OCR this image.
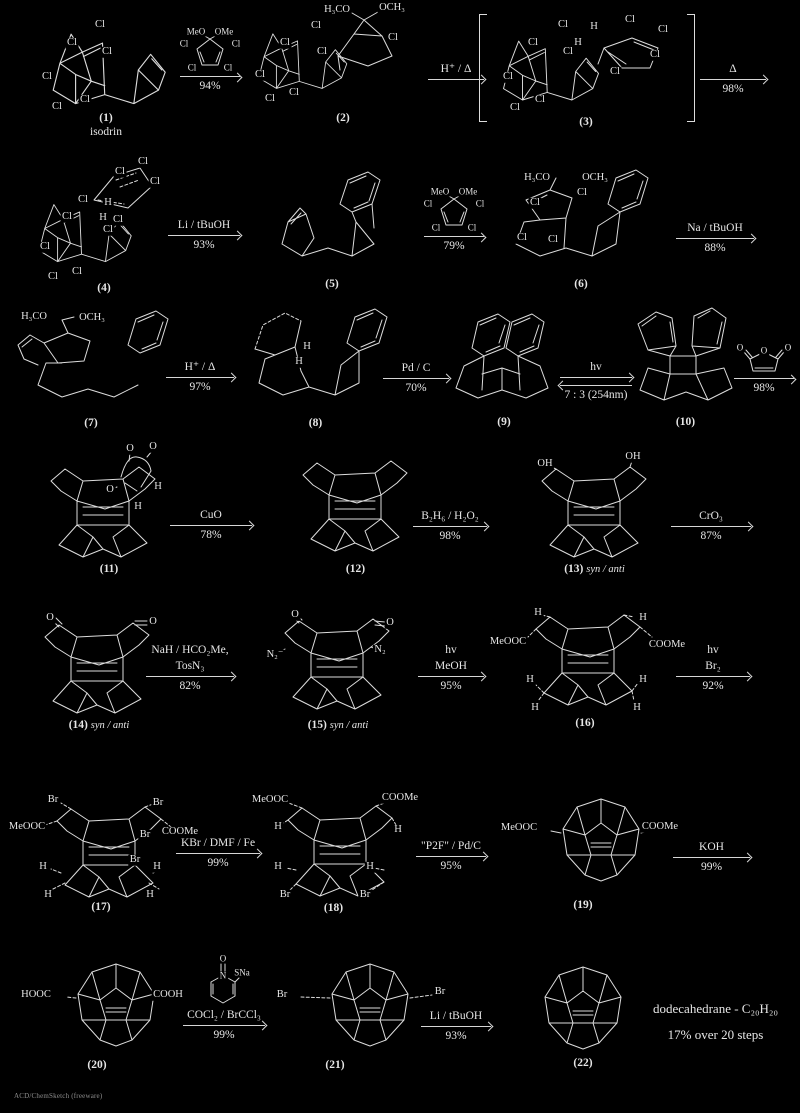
(1)
isodrin
Cl
Cl
Cl
Cl
Cl
Cl
MeO OMe
Cl	Cl
Cl	Cl
94%
(2)
H₃CO	OCH₃
Cl
Cl
Cl
Cl
Cl
Cl
Cl
H⁺ / Δ
(3)
Cl H
Cl
Cl
Cl	H
Cl	Cl
Cl	Cl
Cl
Cl
Δ
98%
(4)
Cl
Cl
Cl
Cl H
Cl	H Cl
Cl
Cl
Cl Cl
Li / tBuOH
93%
(5)
MeO OMe
Cl	Cl
Cl	Cl
79%
(6)
H₃CO	OCH₃
Cl
Cl
Cl Cl
Na / tBuOH
88%
(7)
H₃CO	OCH₃
H⁺ / Δ
97%
(8)
H
H
Pd / C
70%
(9)
hv
7 : 3 (254nm)
(10)
O O O
98%
(11)
O O
O	H
H
CuO
78%
(12)
B₂H₆ / H₂O₂
98%
(13) syn / anti
OH
OH
CrO₃
87%
(14) syn / anti
O	O
NaH / HCO₂Me,
TosN₃
82%
(15) syn / anti
O
O
N₂⁻	N₂	hv
MeOH
95%
(16)
H
MeOOC
H
COOMe
H
H
H
H
hv
Br₂
92%
(17)
Br
MeOOC
Br
Br COOMe
Br
H	H
H	H
KBr / DMF / Fe
99%
(18)
MeOOC
H
COOMe
H
H	H
Br	Br
"P2F" / Pd/C
95%
(19)
MeOOC	COOMe
KOH
99%
(20)
HOOC	COOH
O
N SNa
COCl₂ / BrCCl₃
99%
(21)
Br	Br
Li / tBuOH
93%
(22)
dodecahedrane - C₂₀H₂₀
17% over 20 steps
ACD/ChemSketch (freeware)
